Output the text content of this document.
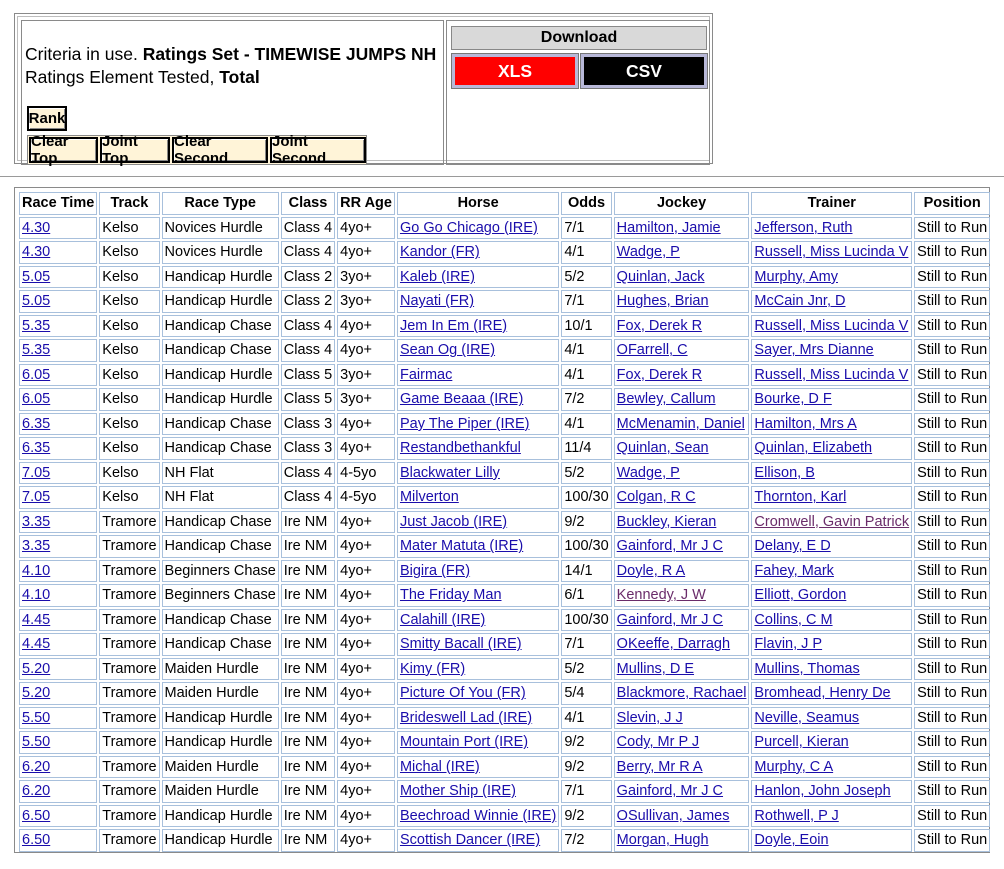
Criteria in use. Ratings Set - TIMEWISE JUMPS NH
Ratings Element Tested, Total
Rank
Clear Top
Joint Top
Clear Second
Joint Second
Download
XLS	CSV
Race Time	Track	Race Type	Class	RR Age	Horse	Odds	Jockey	Trainer	Position
4.30	Kelso	Novices Hurdle	Class 4	4yo+	Go Go Chicago (IRE)	7/1	Hamilton, Jamie	Jefferson, Ruth	Still to Run
4.30	Kelso	Novices Hurdle	Class 4	4yo+	Kandor (FR)	4/1	Wadge, P	Russell, Miss Lucinda V	Still to Run
5.05	Kelso	Handicap Hurdle	Class 2	3yo+	Kaleb (IRE)	5/2	Quinlan, Jack	Murphy, Amy	Still to Run
5.05	Kelso	Handicap Hurdle	Class 2	3yo+	Nayati (FR)	7/1	Hughes, Brian	McCain Jnr, D	Still to Run
5.35	Kelso	Handicap Chase	Class 4	4yo+	Jem In Em (IRE)	10/1	Fox, Derek R	Russell, Miss Lucinda V	Still to Run
5.35	Kelso	Handicap Chase	Class 4	4yo+	Sean Og (IRE)	4/1	OFarrell, C	Sayer, Mrs Dianne	Still to Run
6.05	Kelso	Handicap Hurdle	Class 5	3yo+	Fairmac	4/1	Fox, Derek R	Russell, Miss Lucinda V	Still to Run
6.05	Kelso	Handicap Hurdle	Class 5	3yo+	Game Beaaa (IRE)	7/2	Bewley, Callum	Bourke, D F	Still to Run
6.35	Kelso	Handicap Chase	Class 3	4yo+	Pay The Piper (IRE)	4/1	McMenamin, Daniel	Hamilton, Mrs A	Still to Run
6.35	Kelso	Handicap Chase	Class 3	4yo+	Restandbethankful	11/4	Quinlan, Sean	Quinlan, Elizabeth	Still to Run
7.05	Kelso	NH Flat	Class 4	4-5yo	Blackwater Lilly	5/2	Wadge, P	Ellison, B	Still to Run
7.05	Kelso	NH Flat	Class 4	4-5yo	Milverton	100/30	Colgan, R C	Thornton, Karl	Still to Run
3.35	Tramore	Handicap Chase	Ire NM	4yo+	Just Jacob (IRE)	9/2	Buckley, Kieran	Cromwell, Gavin Patrick	Still to Run
3.35	Tramore	Handicap Chase	Ire NM	4yo+	Mater Matuta (IRE)	100/30	Gainford, Mr J C	Delany, E D	Still to Run
4.10	Tramore	Beginners Chase	Ire NM	4yo+	Bigira (FR)	14/1	Doyle, R A	Fahey, Mark	Still to Run
4.10	Tramore	Beginners Chase	Ire NM	4yo+	The Friday Man	6/1	Kennedy, J W	Elliott, Gordon	Still to Run
4.45	Tramore	Handicap Chase	Ire NM	4yo+	Calahill (IRE)	100/30	Gainford, Mr J C	Collins, C M	Still to Run
4.45	Tramore	Handicap Chase	Ire NM	4yo+	Smitty Bacall (IRE)	7/1	OKeeffe, Darragh	Flavin, J P	Still to Run
5.20	Tramore	Maiden Hurdle	Ire NM	4yo+	Kimy (FR)	5/2	Mullins, D E	Mullins, Thomas	Still to Run
5.20	Tramore	Maiden Hurdle	Ire NM	4yo+	Picture Of You (FR)	5/4	Blackmore, Rachael	Bromhead, Henry De	Still to Run
5.50	Tramore	Handicap Hurdle	Ire NM	4yo+	Brideswell Lad (IRE)	4/1	Slevin, J J	Neville, Seamus	Still to Run
5.50	Tramore	Handicap Hurdle	Ire NM	4yo+	Mountain Port (IRE)	9/2	Cody, Mr P J	Purcell, Kieran	Still to Run
6.20	Tramore	Maiden Hurdle	Ire NM	4yo+	Michal (IRE)	9/2	Berry, Mr R A	Murphy, C A	Still to Run
6.20	Tramore	Maiden Hurdle	Ire NM	4yo+	Mother Ship (IRE)	7/1	Gainford, Mr J C	Hanlon, John Joseph	Still to Run
6.50	Tramore	Handicap Hurdle	Ire NM	4yo+	Beechroad Winnie (IRE)	9/2	OSullivan, James	Rothwell, P J	Still to Run
6.50	Tramore	Handicap Hurdle	Ire NM	4yo+	Scottish Dancer (IRE)	7/2	Morgan, Hugh	Doyle, Eoin	Still to Run
